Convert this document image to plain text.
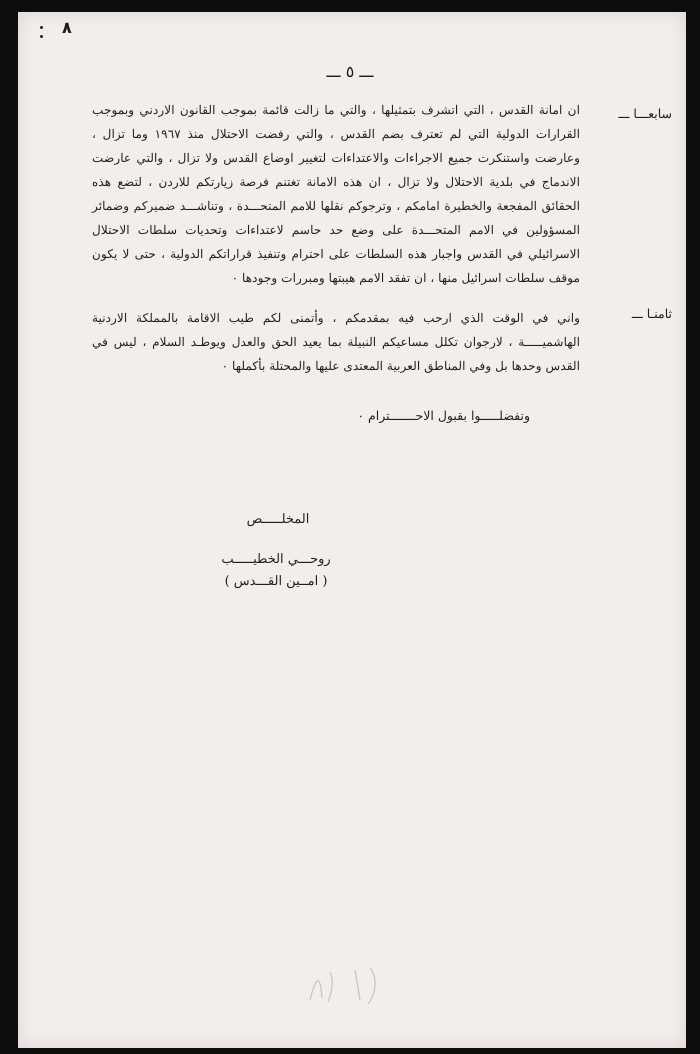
٨
ـــ ٥ ـــ
سابعـــا ـــ
ان امانة القدس ، التي اتشرف بتمثيلها ، والتي ما زالت قائمة بموجب القانون الاردني وبموجب القرارات الدولية التي لم تعترف بضم القدس ، والتي رفضت الاحتلال منذ ١٩٦٧ وما تزال ، وعارضت واستنكرت جميع الاجراءات والاعتداءات لتغيير اوضاع القدس ولا تزال ، والتي عارضت الاندماج في بلدية الاحتلال ولا تزال ، ان هذه الامانة تغتنم فرصة زيارتكم للاردن ، لتضع هذه الحقائق المفجعة والخطيرة امامكم ، وترجوكم نقلها للامم المتحـــدة ، وتناشـــد ضميركم وضمائر المسؤولين في الامم المتحـــدة على وضع حد حاسم لاعتداءات وتحديات سلطات الاحتلال الاسرائيلي في القدس واجبار هذه السلطات على احترام وتنفيذ قراراتكم الدولية ، حتى لا يكون موقف سلطات اسرائيل منها ، ان تفقد الامم هيبتها ومبررات وجودها ٠
ثامنـا ـــ
واني في الوقت الذي ارحب فيه بمقدمكم ، وأتمنى لكم طيب الاقامة بالمملكة الاردنية الهاشميـــــة ، لارجوان تكلل مساعيكم النبيلة بما يعيد الحق والعدل ويوطـد السلام ، ليس في القدس وحدها بل وفي المناطق العربية المعتدى عليها والمحتلة بأكملها ٠
وتفضلـــــوا بقبول الاحـــــــترام ٠
المخلـــــص
روحـــي الخطيـــــب
( امــين القـــدس )
